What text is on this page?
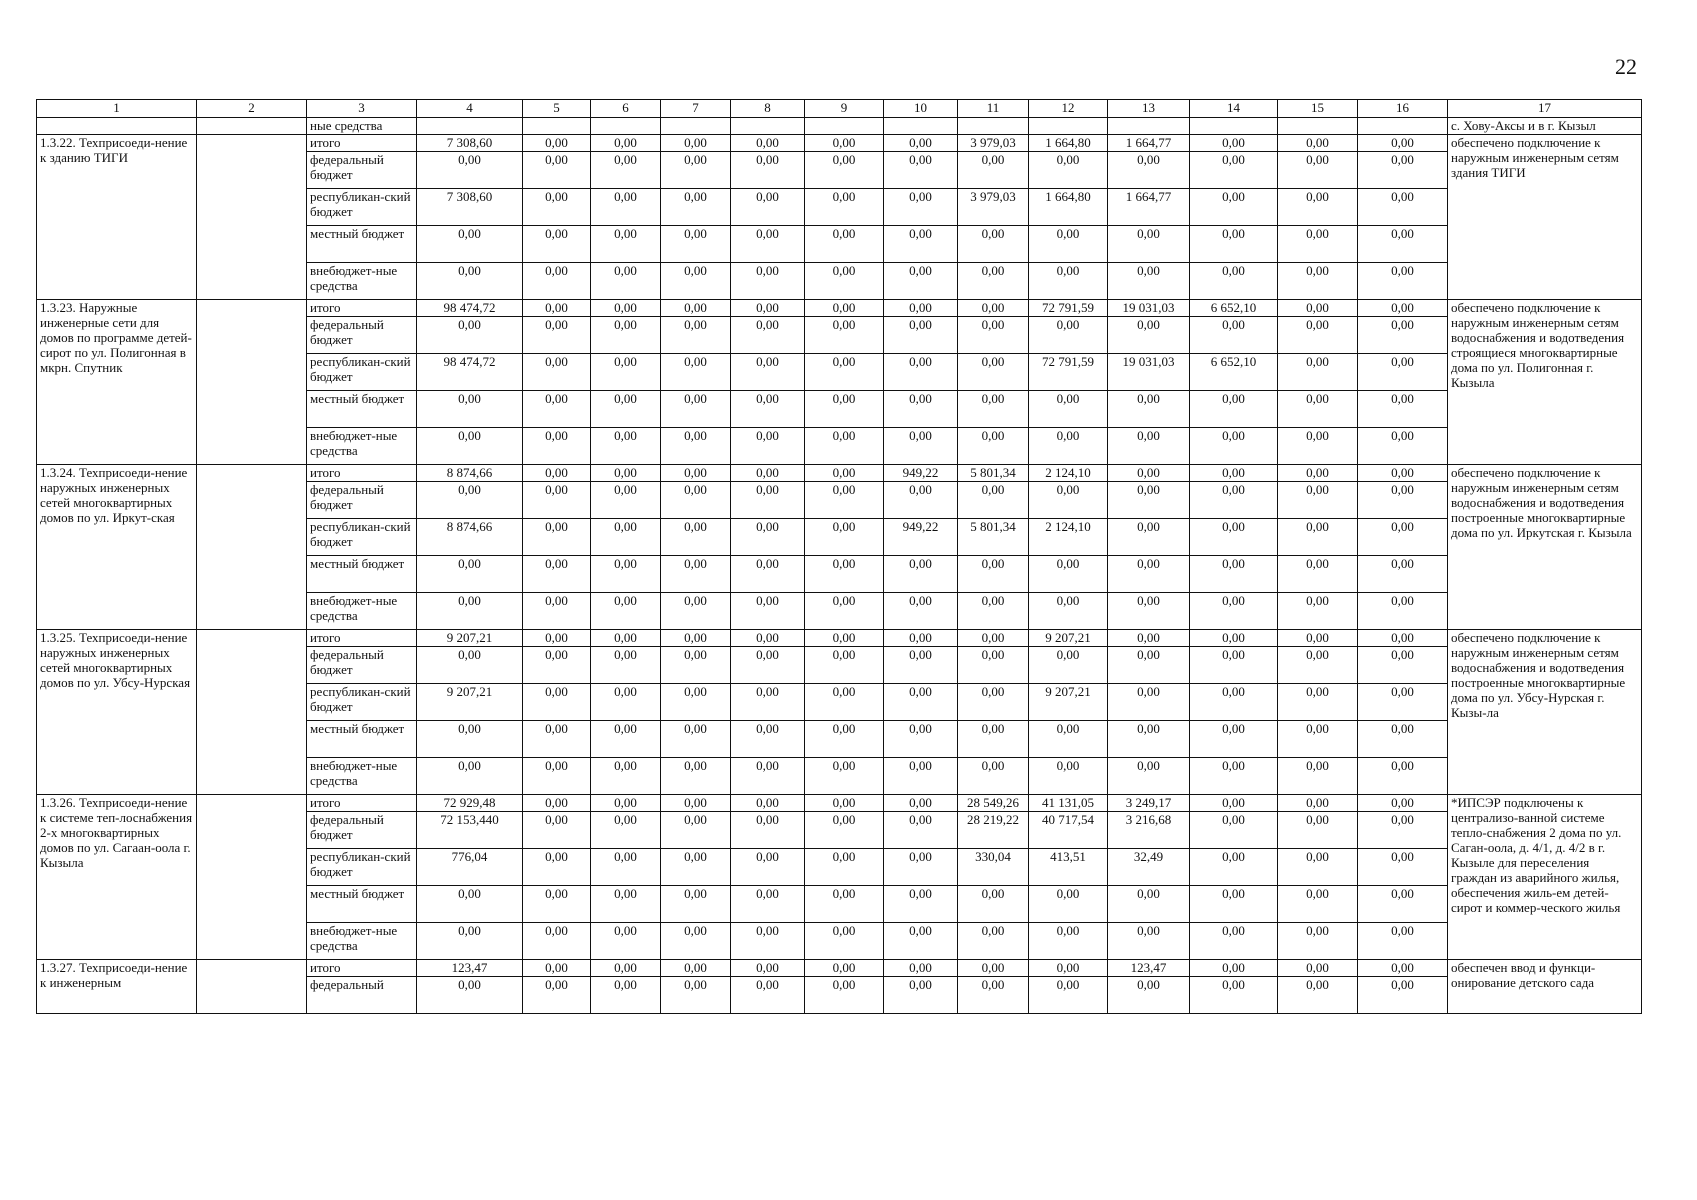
22
1	2	3	4	5	6	7	8	9	10	11	12	13	14	15	16	17
		ные средства														с. Хову-Аксы и в г. Кызыл
1.3.22. Техприсоеди-нение к зданию ТИГИ		итого	7 308,60	0,00	0,00	0,00	0,00	0,00	0,00	3 979,03	1 664,80	1 664,77	0,00	0,00	0,00	обеспечено подключение к наружным инженерным сетям здания ТИГИ
		федеральный бюджет	0,00	0,00	0,00	0,00	0,00	0,00	0,00	0,00	0,00	0,00	0,00	0,00	0,00	
		республикан-ский бюджет	7 308,60	0,00	0,00	0,00	0,00	0,00	0,00	3 979,03	1 664,80	1 664,77	0,00	0,00	0,00	
		местный бюджет	0,00	0,00	0,00	0,00	0,00	0,00	0,00	0,00	0,00	0,00	0,00	0,00	0,00	
		внебюджет-ные средства	0,00	0,00	0,00	0,00	0,00	0,00	0,00	0,00	0,00	0,00	0,00	0,00	0,00	
1.3.23. Наружные инженерные сети для домов по программе детей-сирот по ул. Полигонная в мкрн. Спутник		итого	98 474,72	0,00	0,00	0,00	0,00	0,00	0,00	0,00	72 791,59	19 031,03	6 652,10	0,00	0,00	обеспечено подключение к наружным инженерным сетям водоснабжения и водотведения строящиеся многоквартирные дома по ул. Полигонная г. Кызыла
		федеральный бюджет	0,00	0,00	0,00	0,00	0,00	0,00	0,00	0,00	0,00	0,00	0,00	0,00	0,00	
		республикан-ский бюджет	98 474,72	0,00	0,00	0,00	0,00	0,00	0,00	0,00	72 791,59	19 031,03	6 652,10	0,00	0,00	
		местный бюджет	0,00	0,00	0,00	0,00	0,00	0,00	0,00	0,00	0,00	0,00	0,00	0,00	0,00	
		внебюджет-ные средства	0,00	0,00	0,00	0,00	0,00	0,00	0,00	0,00	0,00	0,00	0,00	0,00	0,00	
1.3.24. Техприсоеди-нение наружных инженерных сетей многоквартирных домов по ул. Иркут-ская		итого	8 874,66	0,00	0,00	0,00	0,00	0,00	949,22	5 801,34	2 124,10	0,00	0,00	0,00	0,00	обеспечено подключение к наружным инженерным сетям водоснабжения и водотведения построенные многоквартирные дома по ул. Иркутская г. Кызыла
		федеральный бюджет	0,00	0,00	0,00	0,00	0,00	0,00	0,00	0,00	0,00	0,00	0,00	0,00	0,00	
		республикан-ский бюджет	8 874,66	0,00	0,00	0,00	0,00	0,00	949,22	5 801,34	2 124,10	0,00	0,00	0,00	0,00	
		местный бюджет	0,00	0,00	0,00	0,00	0,00	0,00	0,00	0,00	0,00	0,00	0,00	0,00	0,00	
		внебюджет-ные средства	0,00	0,00	0,00	0,00	0,00	0,00	0,00	0,00	0,00	0,00	0,00	0,00	0,00	
1.3.25. Техприсоеди-нение наружных инженерных сетей многоквартирных домов по ул. Убсу-Нурская		итого	9 207,21	0,00	0,00	0,00	0,00	0,00	0,00	0,00	9 207,21	0,00	0,00	0,00	0,00	обеспечено подключение к наружным инженерным сетям водоснабжения и водотведения построенные многоквартирные дома по ул. Убсу-Нурская г. Кызы-ла
		федеральный бюджет	0,00	0,00	0,00	0,00	0,00	0,00	0,00	0,00	0,00	0,00	0,00	0,00	0,00	
		республикан-ский бюджет	9 207,21	0,00	0,00	0,00	0,00	0,00	0,00	0,00	9 207,21	0,00	0,00	0,00	0,00	
		местный бюджет	0,00	0,00	0,00	0,00	0,00	0,00	0,00	0,00	0,00	0,00	0,00	0,00	0,00	
		внебюджет-ные средства	0,00	0,00	0,00	0,00	0,00	0,00	0,00	0,00	0,00	0,00	0,00	0,00	0,00	
1.3.26. Техприсоеди-нение к системе теп-лоснабжения 2-х многоквартирных домов по ул. Сагаан-оола г. Кызыла		итого	72 929,48	0,00	0,00	0,00	0,00	0,00	0,00	28 549,26	41 131,05	3 249,17	0,00	0,00	0,00	*ИПСЭР подключены к централизо-ванной системе тепло-снабжения 2 дома по ул. Саган-оола, д. 4/1, д. 4/2 в г. Кызыле для переселения граждан из аварийного жилья, обеспечения жиль-ем детей-сирот и коммер-ческого жилья
		федеральный бюджет	72 153,440	0,00	0,00	0,00	0,00	0,00	0,00	28 219,22	40 717,54	3 216,68	0,00	0,00	0,00	
		республикан-ский бюджет	776,04	0,00	0,00	0,00	0,00	0,00	0,00	330,04	413,51	32,49	0,00	0,00	0,00	
		местный бюджет	0,00	0,00	0,00	0,00	0,00	0,00	0,00	0,00	0,00	0,00	0,00	0,00	0,00	
		внебюджет-ные средства	0,00	0,00	0,00	0,00	0,00	0,00	0,00	0,00	0,00	0,00	0,00	0,00	0,00	
1.3.27. Техприсоеди-нение к инженерным		итого	123,47	0,00	0,00	0,00	0,00	0,00	0,00	0,00	0,00	123,47	0,00	0,00	0,00	обеспечен ввод и функци-онирование детского сада
		федеральный	0,00	0,00	0,00	0,00	0,00	0,00	0,00	0,00	0,00	0,00	0,00	0,00	0,00	
